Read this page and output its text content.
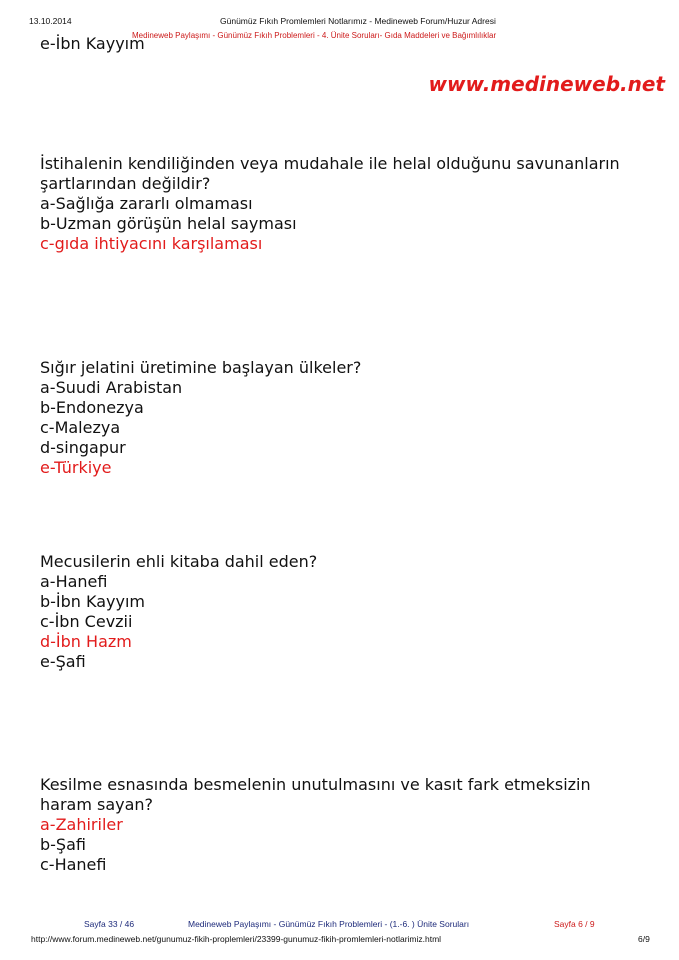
13.10.2014	Günümüz Fıkıh Promlemleri Notlarımız - Medineweb Forum/Huzur Adresi
Medineweb Paylaşımı - Günümüz Fıkıh Problemleri - 4. Ünite Soruları- Gıda Maddeleri ve Bağımlılıklar
e-İbn Kayyım
www.medineweb.net
İstihalenin kendiliğinden veya mudahale ile helal olduğunu savunanların
şartlarından değildir?
a-Sağlığa zararlı olmaması
b-Uzman görüşün helal sayması
c-gıda ihtiyacını karşılaması
Sığır jelatini üretimine başlayan ülkeler?
a-Suudi Arabistan
b-Endonezya
c-Malezya
d-singapur
e-Türkiye
Mecusilerin ehli kitaba dahil eden?
a-Hanefi
b-İbn Kayyım
c-İbn Cevzii
d-İbn Hazm
e-Şafi
Kesilme esnasında besmelenin unutulmasını ve kasıt fark etmeksizin
haram sayan?
a-Zahiriler
b-Şafi
c-Hanefi
Sayfa 33 / 46	Medineweb Paylaşımı - Günümüz Fıkıh Problemleri - (1.-6. ) Ünite Soruları	Sayfa 6 / 9
http://www.forum.medineweb.net/gunumuz-fikih-proplemleri/23399-gunumuz-fikih-promlemleri-notlarimiz.html	6/9
